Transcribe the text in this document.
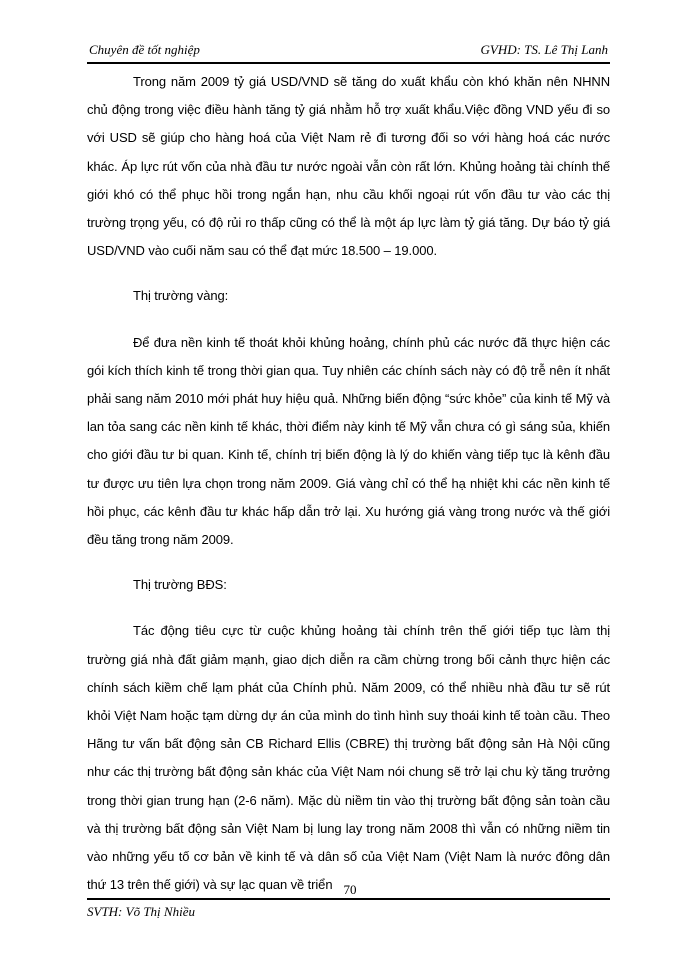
Chuyên đề tốt nghiệp	GVHD: TS. Lê Thị Lanh

Trong năm 2009 tỷ giá USD/VND sẽ tăng do xuất khẩu còn khó khăn nên NHNN chủ động trong việc điều hành tăng tỷ giá nhằm hỗ trợ xuất khẩu.Việc đồng VND yếu đi so với USD sẽ giúp cho hàng hoá của Việt Nam rẻ đi tương đối so với hàng hoá các nước khác. Áp lực rút vốn của nhà đầu tư nước ngoài vẫn còn rất lớn. Khủng hoảng tài chính thế giới khó có thể phục hồi trong ngắn hạn, nhu cầu khối ngoại rút vốn đầu tư vào các thị trường trọng yếu, có độ rủi ro thấp cũng có thể là một áp lực làm tỷ giá tăng. Dự báo tỷ giá USD/VND vào cuối năm sau có thể đạt mức 18.500 – 19.000.

Thị trường vàng:

Để đưa nền kinh tế thoát khỏi khủng hoảng, chính phủ các nước đã thực hiện các gói kích thích kinh tế trong thời gian qua. Tuy nhiên các chính sách này có độ trễ nên ít nhất phải sang năm 2010 mới phát huy hiệu quả. Những biến động “sức khỏe” của kinh tế Mỹ và lan tỏa sang các nền kinh tế khác, thời điểm này kinh tế Mỹ vẫn chưa có gì sáng sủa, khiến cho giới đầu tư bi quan. Kinh tế, chính trị biến động là lý do khiến vàng tiếp tục là kênh đầu tư được ưu tiên lựa chọn trong năm 2009. Giá vàng chỉ có thể hạ nhiệt khi các nền kinh tế hồi phục, các kênh đầu tư khác hấp dẫn trở lại. Xu hướng giá vàng trong nước và thế giới đều tăng trong năm 2009.

Thị trường BĐS:

Tác động tiêu cực từ cuộc khủng hoảng tài chính trên thế giới tiếp tục làm thị trường giá nhà đất giảm mạnh, giao dịch diễn ra cầm chừng trong bối cảnh thực hiện các chính sách kiềm chế lạm phát của Chính phủ. Năm 2009, có thể nhiều nhà đầu tư sẽ rút khỏi Việt Nam hoặc tạm dừng dự án của mình do tình hình suy thoái kinh tế toàn cầu. Theo Hãng tư vấn bất động sản CB Richard Ellis (CBRE) thị trường bất động sản Hà Nội cũng như các thị trường bất động sản khác của Việt Nam nói chung sẽ trở lại chu kỳ tăng trưởng trong thời gian trung hạn (2-6 năm). Mặc dù niềm tin vào thị trường bất động sản toàn cầu và thị trường bất động sản Việt Nam bị lung lay trong năm 2008 thì vẫn có những niềm tin vào những yếu tố cơ bản về kinh tế và dân số của Việt Nam (Việt Nam là nước đông dân thứ 13 trên thế giới) và sự lạc quan về triển 70
SVTH: Võ Thị Nhiều
